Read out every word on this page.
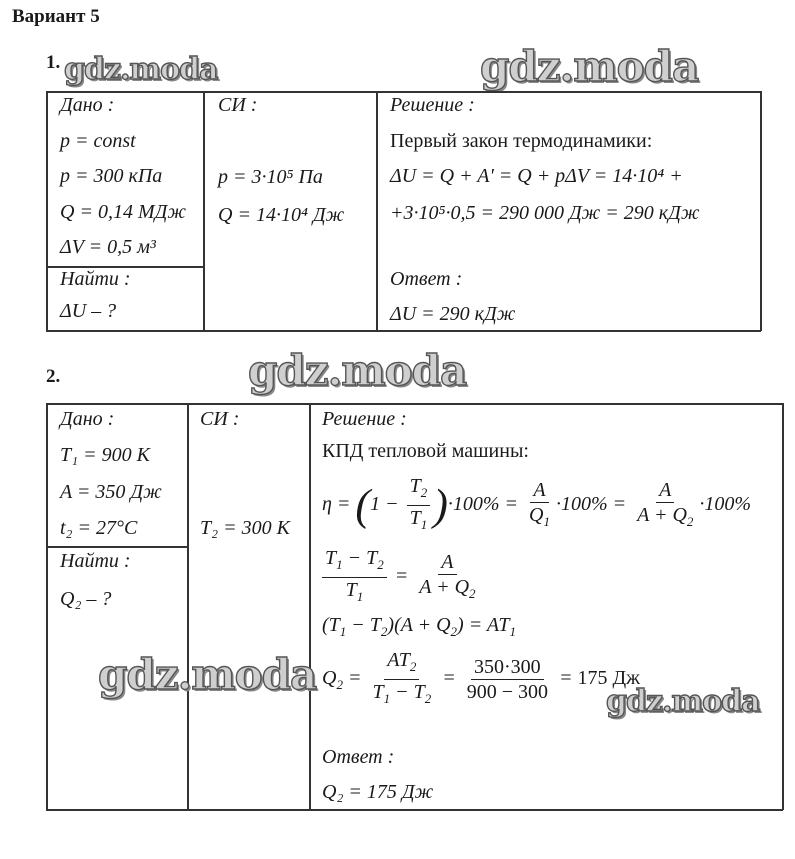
Вариант 5
1. gdz.moda	gdz.moda
Дано :
p = const
p = 300 кПа
Q = 0,14 МДж
ΔV = 0,5 м³
Найти :
ΔU – ?
СИ :
p = 3·10⁵ Па
Q = 14·10⁴ Дж
Решение :
Первый закон термодинамики:
ΔU = Q + A' = Q + pΔV = 14·10⁴ +
+3·10⁵·0,5 = 290 000 Дж = 290 кДж
Ответ :
ΔU = 290 кДж
2.	gdz.moda
Дано :
T₁ = 900 К
A = 350 Дж
t₂ = 27°C
Найти :
Q₂ – ?
СИ :
T₂ = 300 К
Решение :
КПД тепловой машины:
$\eta = (1 - \frac{T_2}{T_1} )\cdot 100\% = \frac{A}{Q_1} \cdot 100\% = \frac{A}{A + Q_2} \cdot 100\%$
$\frac{T_1 - T_2}{T_1} = \frac{A}{A + Q_2}$
$(T_1 - T_2)(A + Q_2) = AT_1$
$Q_2 = \frac{AT_2}{T_1 - T_2} = \frac{350\cdot 300}{900 - 300} = 175$ Дж
gdz.moda
gdz.moda
Ответ :
Q₂ = 175 Дж
